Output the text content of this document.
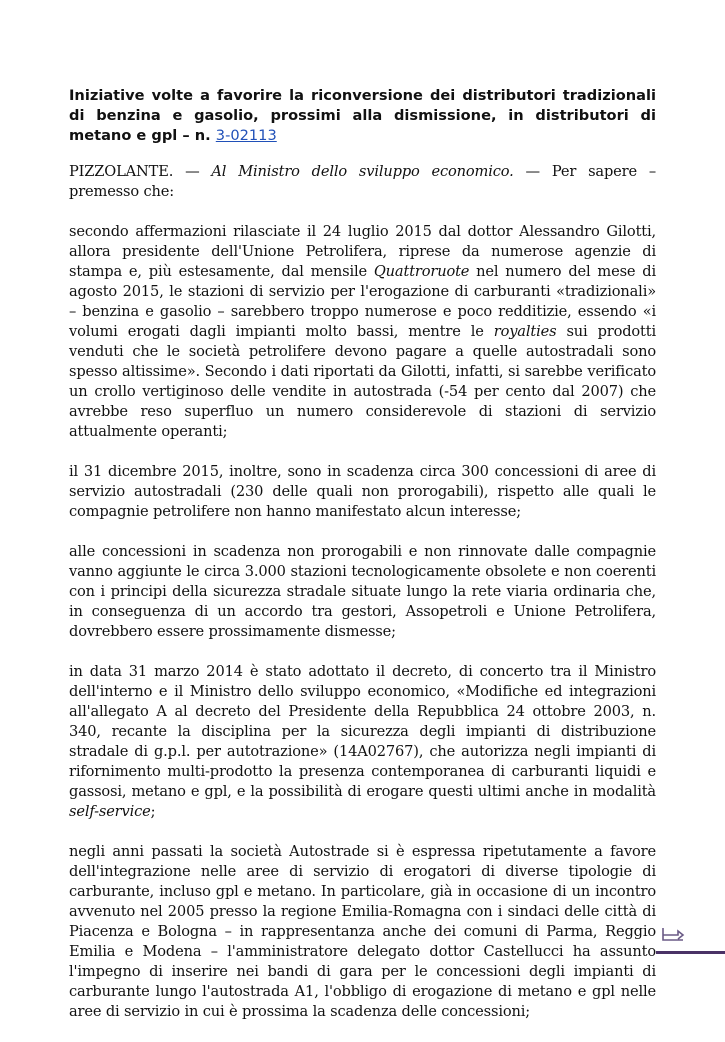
Iniziative volte a favorire la riconversione dei distributori tradizionali di benzina e gasolio, prossimi alla dismissione, in distributori di metano e gpl – n. 3-02113

PIZZOLANTE. — Al Ministro dello sviluppo economico. — Per sapere – premesso che:

secondo affermazioni rilasciate il 24 luglio 2015 dal dottor Alessandro Gilotti, allora presidente dell'Unione Petrolifera, riprese da numerose agenzie di stampa e, più estesamente, dal mensile Quattroruote nel numero del mese di agosto 2015, le stazioni di servizio per l'erogazione di carburanti «tradizionali» – benzina e gasolio – sarebbero troppo numerose e poco redditizie, essendo «i volumi erogati dagli impianti molto bassi, mentre le royalties sui prodotti venduti che le società petrolifere devono pagare a quelle autostradali sono spesso altissime». Secondo i dati riportati da Gilotti, infatti, si sarebbe verificato un crollo vertiginoso delle vendite in autostrada (-54 per cento dal 2007) che avrebbe reso superfluo un numero considerevole di stazioni di servizio attualmente operanti;

il 31 dicembre 2015, inoltre, sono in scadenza circa 300 concessioni di aree di servizio autostradali (230 delle quali non prorogabili), rispetto alle quali le compagnie petrolifere non hanno manifestato alcun interesse;

alle concessioni in scadenza non prorogabili e non rinnovate dalle compagnie vanno aggiunte le circa 3.000 stazioni tecnologicamente obsolete e non coerenti con i principi della sicurezza stradale situate lungo la rete viaria ordinaria che, in conseguenza di un accordo tra gestori, Assopetroli e Unione Petrolifera, dovrebbero essere prossimamente dismesse;

in data 31 marzo 2014 è stato adottato il decreto, di concerto tra il Ministro dell'interno e il Ministro dello sviluppo economico, «Modifiche ed integrazioni all'allegato A al decreto del Presidente della Repubblica 24 ottobre 2003, n. 340, recante la disciplina per la sicurezza degli impianti di distribuzione stradale di g.p.l. per autotrazione» (14A02767), che autorizza negli impianti di rifornimento multi-prodotto la presenza contemporanea di carburanti liquidi e gassosi, metano e gpl, e la possibilità di erogare questi ultimi anche in modalità self-service;

negli anni passati la società Autostrade si è espressa ripetutamente a favore dell'integrazione nelle aree di servizio di erogatori di diverse tipologie di carburante, incluso gpl e metano. In particolare, già in occasione di un incontro avvenuto nel 2005 presso la regione Emilia-Romagna con i sindaci delle città di Piacenza e Bologna – in rappresentanza anche dei comuni di Parma, Reggio Emilia e Modena – l'amministratore delegato dottor Castellucci ha assunto l'impegno di inserire nei bandi di gara per le concessioni degli impianti di carburante lungo l'autostrada A1, l'obbligo di erogazione di metano e gpl nelle aree di servizio in cui è prossima la scadenza delle concessioni;
